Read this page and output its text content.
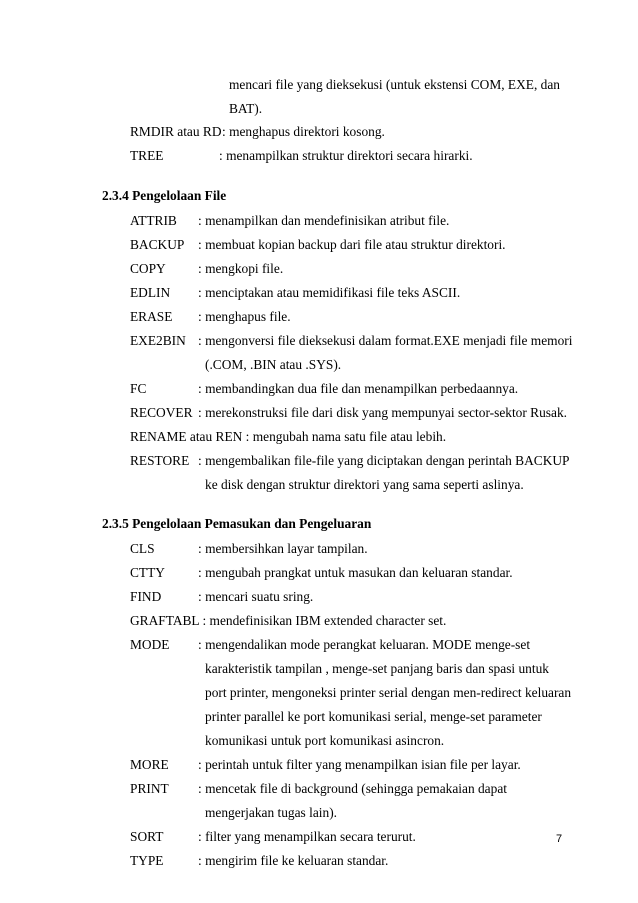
mencari file yang dieksekusi (untuk ekstensi COM, EXE, dan
BAT).
RMDIR atau RD : menghapus direktori kosong.
TREE	: menampilkan struktur direktori secara hirarki.
2.3.4 Pengelolaan File
ATTRIB : menampilkan dan mendefinisikan atribut file.
BACKUP : membuat kopian backup dari file atau struktur direktori.
COPY : mengkopi file.
EDLIN : menciptakan atau memidifikasi file teks ASCII.
ERASE : menghapus file.
EXE2BIN : mengonversi file dieksekusi dalam format.EXE menjadi file memori
(.COM, .BIN atau .SYS).
FC	: membandingkan dua file dan menampilkan perbedaannya.
RECOVER : merekonstruksi file dari disk yang mempunyai sector-sektor Rusak.
RENAME atau REN : mengubah nama satu file atau lebih.
RESTORE : mengembalikan file-file yang diciptakan dengan perintah BACKUP
ke disk dengan struktur direktori yang sama seperti aslinya.
2.3.5 Pengelolaan Pemasukan dan Pengeluaran
CLS	: membersihkan layar tampilan.
CTTY : mengubah prangkat untuk masukan dan keluaran standar.
FIND	: mencari suatu sring.
GRAFTABL : mendefinisikan IBM extended character set.
MODE : mengendalikan mode perangkat keluaran. MODE menge-set
karakteristik tampilan , menge-set panjang baris dan spasi untuk
port printer, mengoneksi printer serial dengan men-redirect keluaran
printer parallel ke port komunikasi serial, menge-set parameter
komunikasi untuk port komunikasi asincron.
MORE : perintah untuk filter yang menampilkan isian file per layar.
PRINT : mencetak file di background (sehingga pemakaian dapat
mengerjakan tugas lain).
SORT	: filter yang menampilkan secara terurut.
TYPE	: mengirim file ke keluaran standar.
7
